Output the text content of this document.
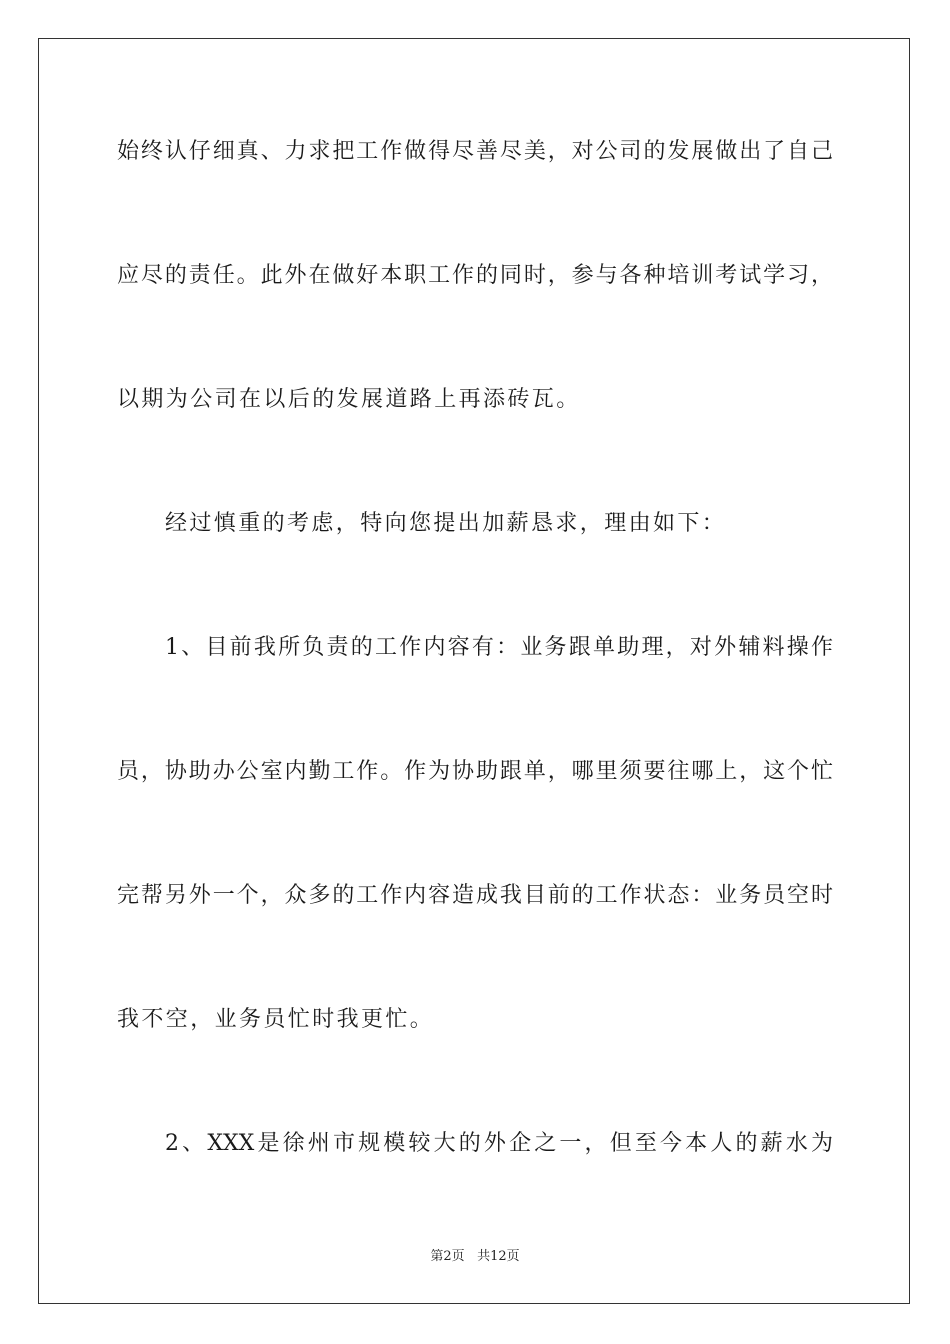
始终认仔细真、力求把工作做得尽善尽美，对公司的发展做出了自己
应尽的责任。此外在做好本职工作的同时，参与各种培训考试学习，
以期为公司在以后的发展道路上再添砖瓦。
经过慎重的考虑，特向您提出加薪恳求，理由如下：
1、目前我所负责的工作内容有：业务跟单助理，对外辅料操作
员，协助办公室内勤工作。作为协助跟单，哪里须要往哪上，这个忙
完帮另外一个，众多的工作内容造成我目前的工作状态：业务员空时
我不空，业务员忙时我更忙。
2、XXX是徐州市规模较大的外企之一，但至今本人的薪水为
第2页 共12页
